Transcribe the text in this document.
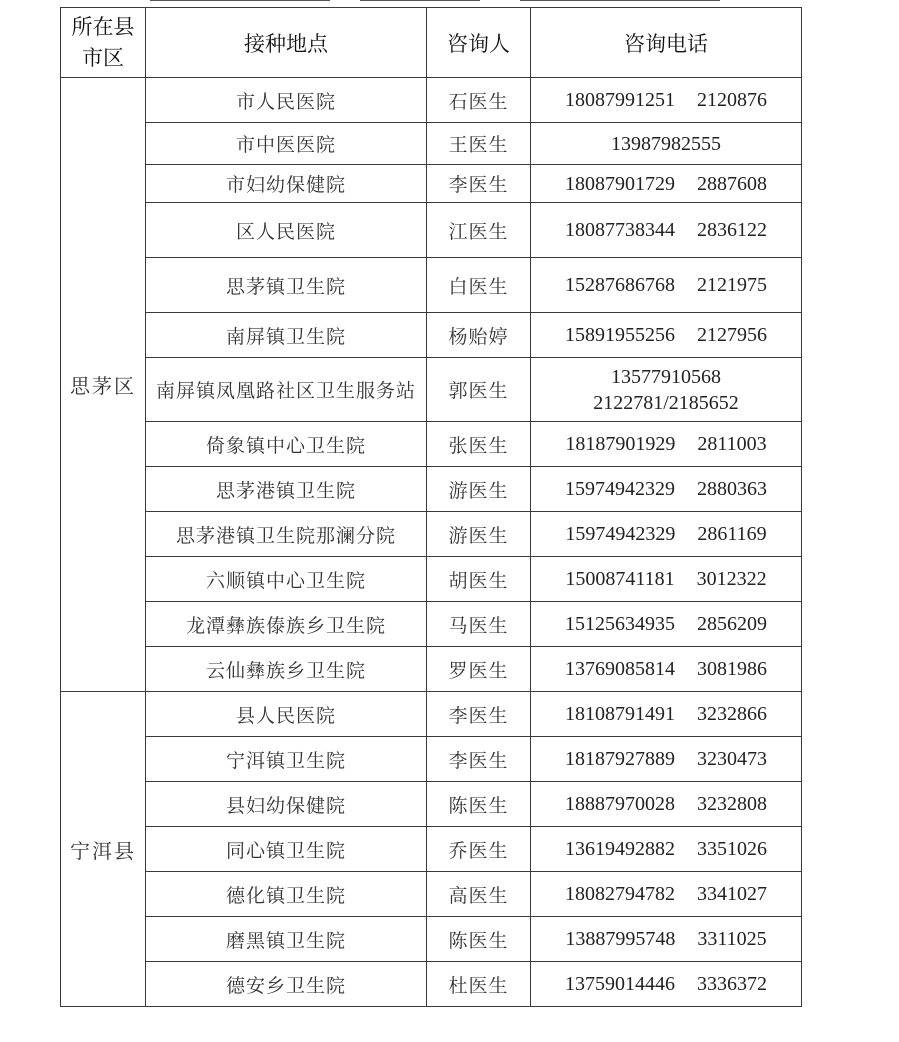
所在县
市区	接种地点	咨询人	咨询电话
思茅区	市人民医院	石医生	18087991251 2120876
	市中医医院	王医生	13987982555
	市妇幼保健院	李医生	18087901729 2887608
	区人民医院	江医生	18087738344 2836122
	思茅镇卫生院	白医生	15287686768 2121975
	南屏镇卫生院	杨贻婷	15891955256 2127956
	南屏镇凤凰路社区卫生服务站	郭医生	13577910568
2122781/2185652
	倚象镇中心卫生院	张医生	18187901929 2811003
	思茅港镇卫生院	游医生	15974942329 2880363
	思茅港镇卫生院那澜分院	游医生	15974942329 2861169
	六顺镇中心卫生院	胡医生	15008741181 3012322
	龙潭彝族傣族乡卫生院	马医生	15125634935 2856209
	云仙彝族乡卫生院	罗医生	13769085814 3081986
宁洱县	县人民医院	李医生	18108791491 3232866
	宁洱镇卫生院	李医生	18187927889 3230473
	县妇幼保健院	陈医生	18887970028 3232808
	同心镇卫生院	乔医生	13619492882 3351026
	德化镇卫生院	高医生	18082794782 3341027
	磨黑镇卫生院	陈医生	13887995748 3311025
	德安乡卫生院	杜医生	13759014446 3336372
